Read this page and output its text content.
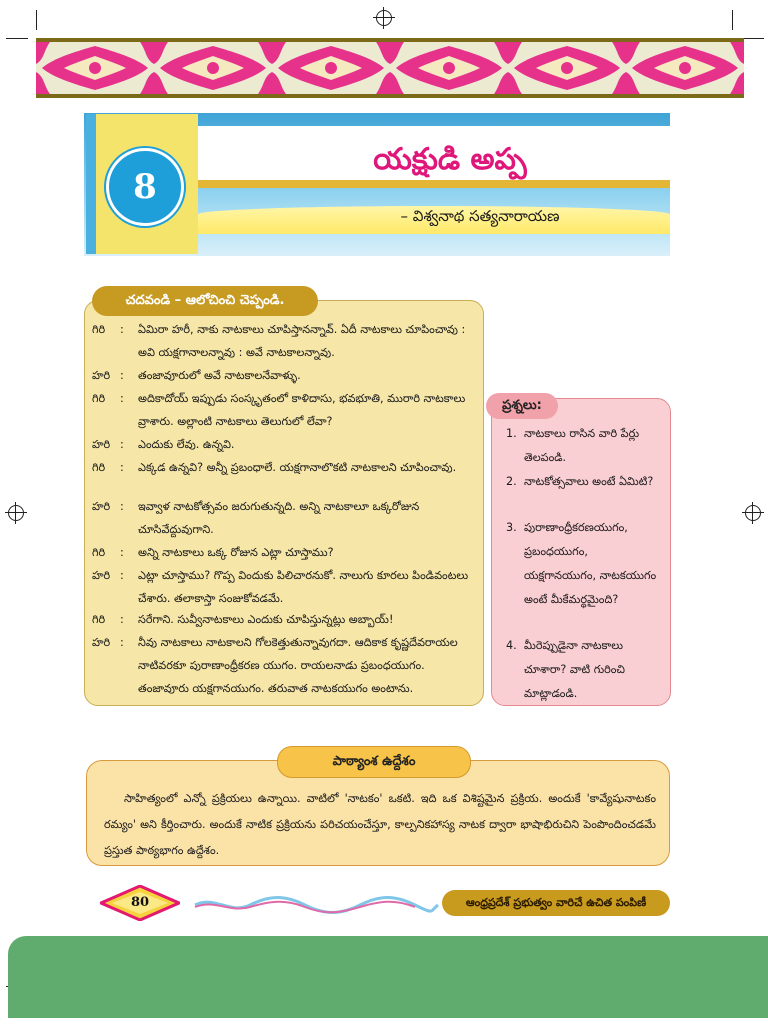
8
యక్షుడి అప్ప
– విశ్వనాథ సత్యనారాయణ
చదవండి – ఆలోచించి చెప్పండి.
గిరి	:	ఏమిరా హరీ, నాకు నాటకాలు చూపిస్తానన్నావ్. ఏదీ నాటకాలు చూపించావు : అవి యక్షగానాలన్నావు : అవే నాటకాలన్నావు.
హరి :	తంజావూరులో అవే నాటకాలనేవాళ్ళు.
గిరి	:	అదికాదోయ్ ఇప్పుడు సంస్కృతంలో కాళిదాసు, భవభూతి, మురారి నాటకాలు వ్రాశారు. అల్లాంటి నాటకాలు తెలుగులో లేవా?
హరి :	ఎందుకు లేవు. ఉన్నవి.
గిరి	:	ఎక్కడ ఉన్నవి? అన్నీ ప్రబంధాలే. యక్షగానాలొకటి నాటకాలని చూపించావు.
హరి :	ఇవ్వాళ నాటకోత్సవం జరుగుతున్నది. అన్ని నాటకాలూ ఒక్కరోజున చూసివేద్దువుగాని.
గిరి	:	అన్ని నాటకాలు ఒక్క రోజున ఎట్లా చూస్తాము?
హరి :	ఎట్లా చూస్తాము? గొప్ప విందుకు పిలిచారనుకో. నాలుగు కూరలు పిండివంటలు చేశారు. తలాకాస్తా సంజుకోవడమే.
గిరి	:	సరేగాని. సువ్వీనాటకాలు ఎందుకు చూపిస్తున్నట్లు అబ్బాయ్!
హరి :	నీవు నాటకాలు నాటకాలని గోలకెత్తుతున్నావుగదా. ఆదికాక కృష్ణదేవరాయల నాటివరకూ పురాణాంధ్రీకరణ యుగం. రాయలనాడు ప్రబంధయుగం. తంజావూరు యక్షగానయుగం. తరువాత నాటకయుగం అంటాను.
ప్రశ్నలు:
1. నాటకాలు రాసిన వారి పేర్లు తెలపండి.
2. నాటకోత్సవాలు అంటే ఏమిటి?
3. పురాణాంధ్రీకరణయుగం, ప్రబంధయుగం, యక్షగానయుగం, నాటకయుగం అంటే మీకేమర్థమైంది?
4. మీరెప్పుడైనా నాటకాలు చూశారా? వాటి గురించి మాట్లాడండి.
పాఠ్యాంశ ఉద్దేశం
సాహిత్యంలో ఎన్నో ప్రక్రియలు ఉన్నాయి. వాటిలో 'నాటకం' ఒకటి. ఇది ఒక విశిష్టమైన ప్రక్రియ. అందుకే 'కావ్యేషునాటకం రమ్యం' అని కీర్తించారు. అందుకే నాటిక ప్రక్రియను పరిచయంచేస్తూ, కాల్పనికహాస్య నాటక ద్వారా భాషాభిరుచిని పెంపొందించడమే ప్రస్తుత పాఠ్యభాగం ఉద్దేశం.
80	ఆంధ్రప్రదేశ్ ప్రభుత్వం వారిచే ఉచిత పంపిణీ
